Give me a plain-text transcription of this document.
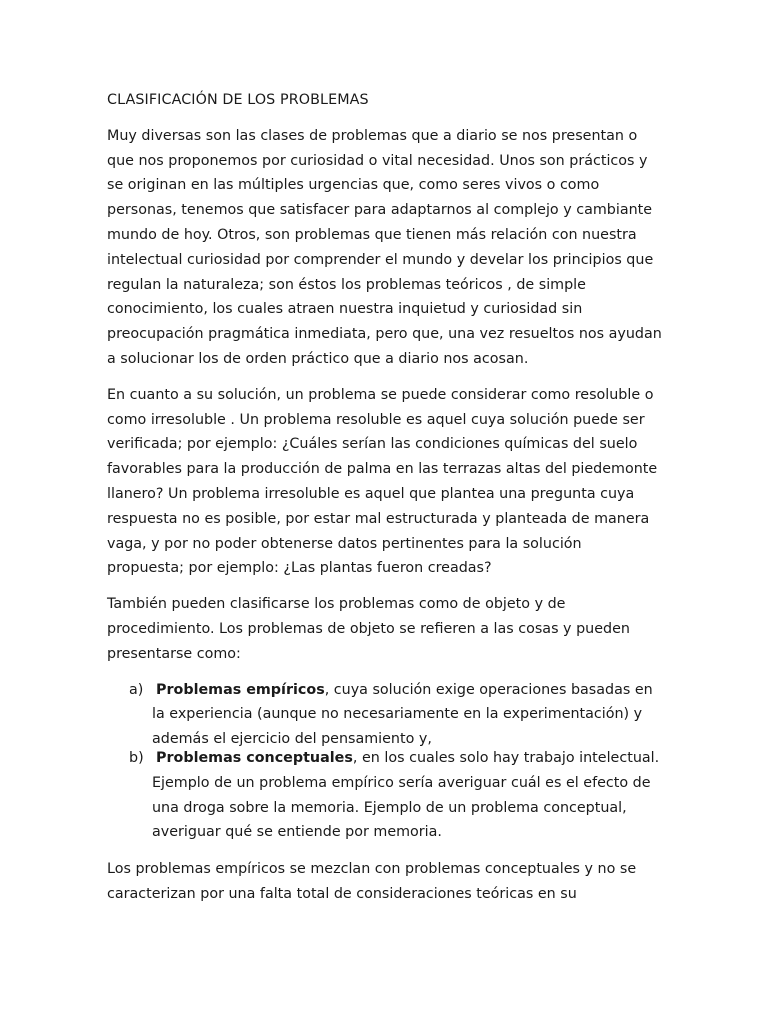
CLASIFICACIÓN DE LOS PROBLEMAS

Muy diversas son las clases de problemas que a diario se nos presentan o que nos proponemos por curiosidad o vital necesidad. Unos son prácticos y se originan en las múltiples urgencias que, como seres vivos o como personas, tenemos que satisfacer para adaptarnos al complejo y cambiante mundo de hoy. Otros, son problemas que tienen más relación con nuestra intelectual curiosidad por comprender el mundo y develar los principios que regulan la naturaleza; son éstos los problemas teóricos , de simple conocimiento, los cuales atraen nuestra inquietud y curiosidad sin preocupación pragmática inmediata, pero que, una vez resueltos nos ayudan a solucionar los de orden práctico que a diario nos acosan.

En cuanto a su solución, un problema se puede considerar como resoluble o como irresoluble . Un problema resoluble es aquel cuya solución puede ser verificada; por ejemplo: ¿Cuáles serían las condiciones químicas del suelo favorables para la producción de palma en las terrazas altas del piedemonte llanero? Un problema irresoluble es aquel que plantea una pregunta cuya respuesta no es posible, por estar mal estructurada y planteada de manera vaga, y por no poder obtenerse datos pertinentes para la solución propuesta; por ejemplo: ¿Las plantas fueron creadas?

También pueden clasificarse los problemas como de objeto y de procedimiento. Los problemas de objeto se refieren a las cosas y pueden presentarse como:

a) Problemas empíricos, cuya solución exige operaciones basadas en la experiencia (aunque no necesariamente en la experimentación) y además el ejercicio del pensamiento y,
b) Problemas conceptuales, en los cuales solo hay trabajo intelectual. Ejemplo de un problema empírico sería averiguar cuál es el efecto de una droga sobre la memoria. Ejemplo de un problema conceptual, averiguar qué se entiende por memoria.

Los problemas empíricos se mezclan con problemas conceptuales y no se caracterizan por una falta total de consideraciones teóricas en su
